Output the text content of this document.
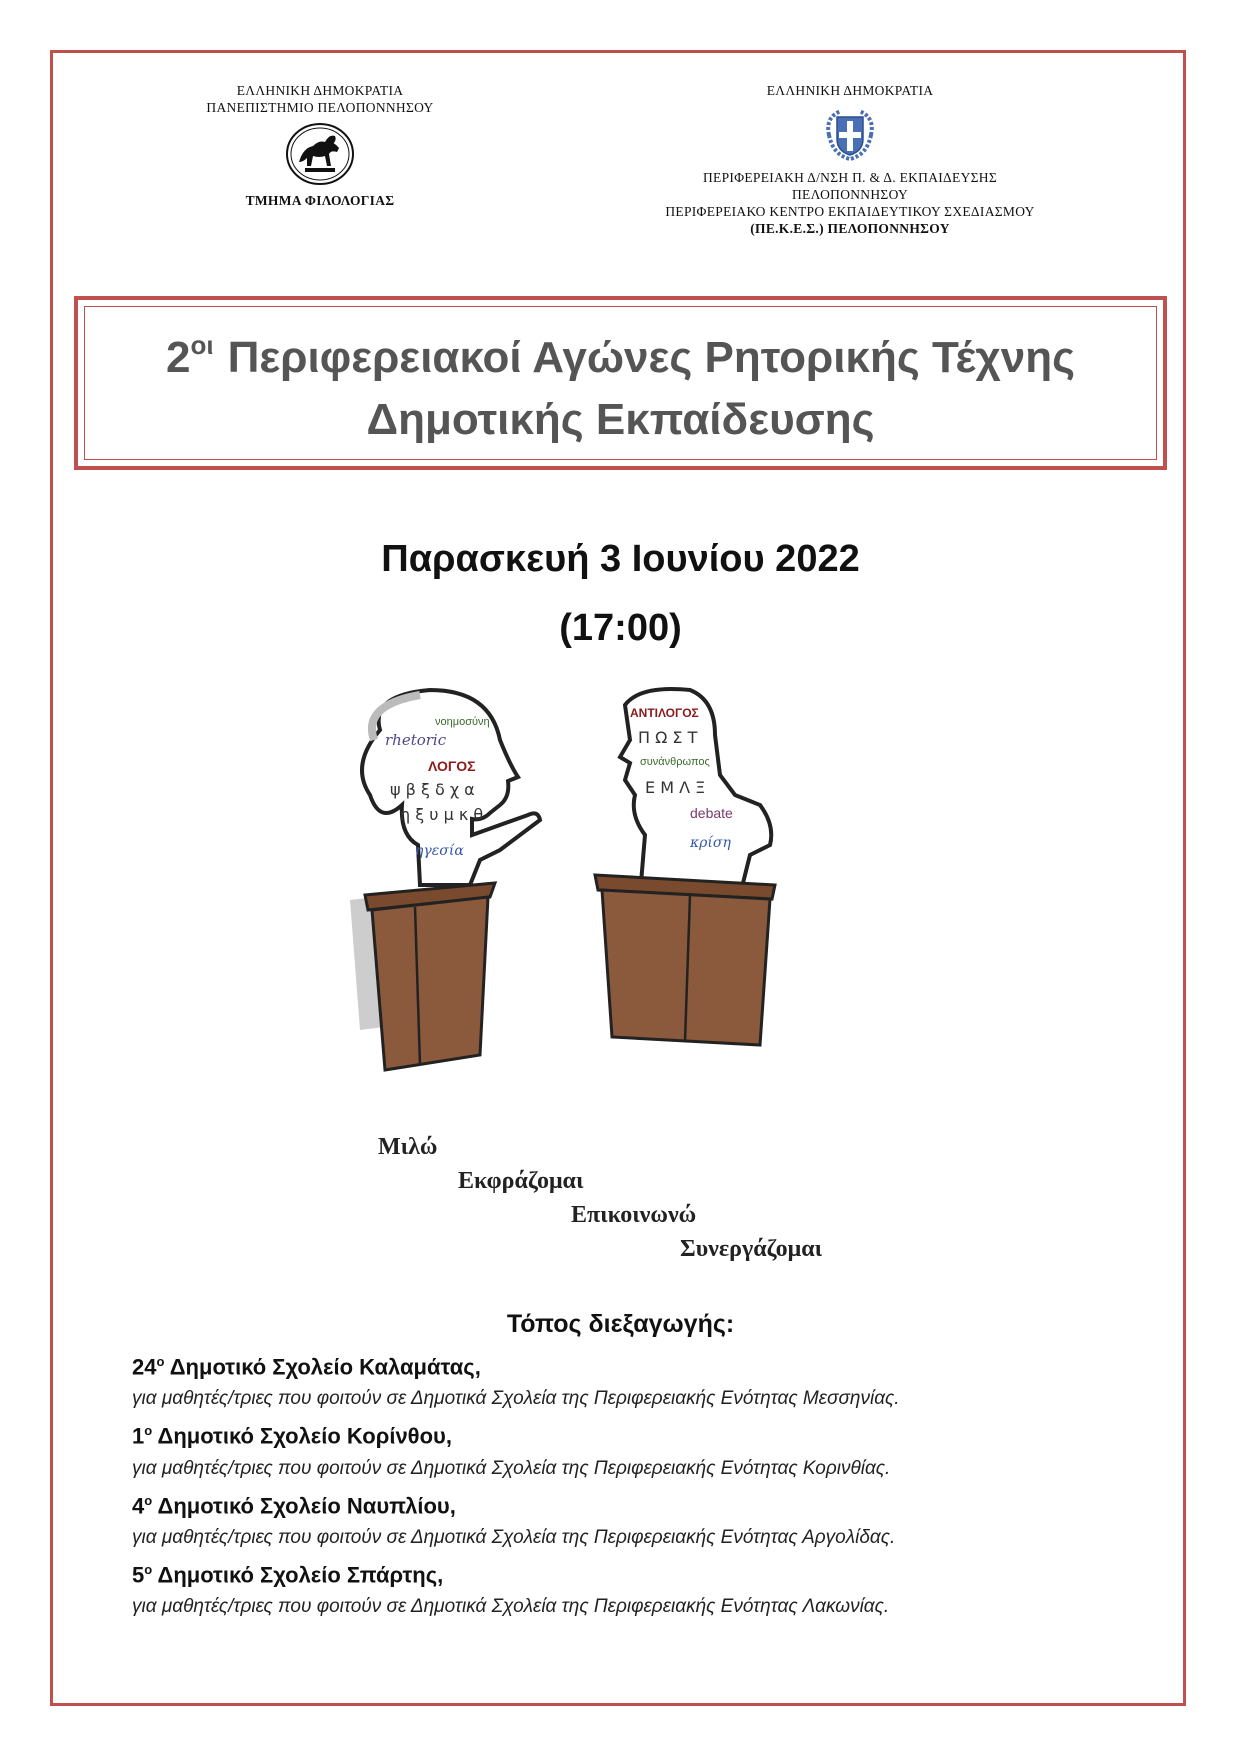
ΕΛΛΗΝΙΚΗ ΔΗΜΟΚΡΑΤΙΑ
ΠΑΝΕΠΙΣΤΗΜΙΟ ΠΕΛΟΠΟΝΝΗΣΟΥ
ΤΜΗΜΑ ΦΙΛΟΛΟΓΙΑΣ
ΕΛΛΗΝΙΚΗ ΔΗΜΟΚΡΑΤΙΑ
ΠΕΡΙΦΕΡΕΙΑΚΗ Δ/ΝΣΗ Π. & Δ. ΕΚΠΑΙΔΕΥΣΗΣ
ΠΕΛΟΠΟΝΝΗΣΟΥ
ΠΕΡΙΦΕΡΕΙΑΚΟ ΚΕΝΤΡΟ ΕΚΠΑΙΔΕΥΤΙΚΟΥ ΣΧΕΔΙΑΣΜΟΥ
(ΠΕ.Κ.Ε.Σ.) ΠΕΛΟΠΟΝΝΗΣΟΥ
$2^{o\iota}$ Περιφερειακοί Αγώνες Ρητορικής Τέχνης
Δημοτικής Εκπαίδευσης
Παρασκευή 3 Ιουνίου 2022
(17:00)
rhetoric
ΛΟΓΟΣ
ηγεσία
νοημοσύνη
ψ β ξ δ χ α
η ξ υ μ κ θ
ΑΝΤΙΛΟΓΟΣ
debate
κρίση
συνάνθρωπος
Π Ω Σ Τ
Ε Μ Λ Ξ
Μιλώ
Εκφράζομαι
Επικοινωνώ
Συνεργάζομαι
Τόπος διεξαγωγής:
$24^o$ Δημοτικό Σχολείο Καλαμάτας,
για μαθητές/τριες που φοιτούν σε Δημοτικά Σχολεία της Περιφερειακής Ενότητας Μεσσηνίας.
$1^o$ Δημοτικό Σχολείο Κορίνθου,
για μαθητές/τριες που φοιτούν σε Δημοτικά Σχολεία της Περιφερειακής Ενότητας Κορινθίας.
$4^o$ Δημοτικό Σχολείο Ναυπλίου,
για μαθητές/τριες που φοιτούν σε Δημοτικά Σχολεία της Περιφερειακής Ενότητας Αργολίδας.
$5^o$ Δημοτικό Σχολείο Σπάρτης,
για μαθητές/τριες που φοιτούν σε Δημοτικά Σχολεία της Περιφερειακής Ενότητας Λακωνίας.
